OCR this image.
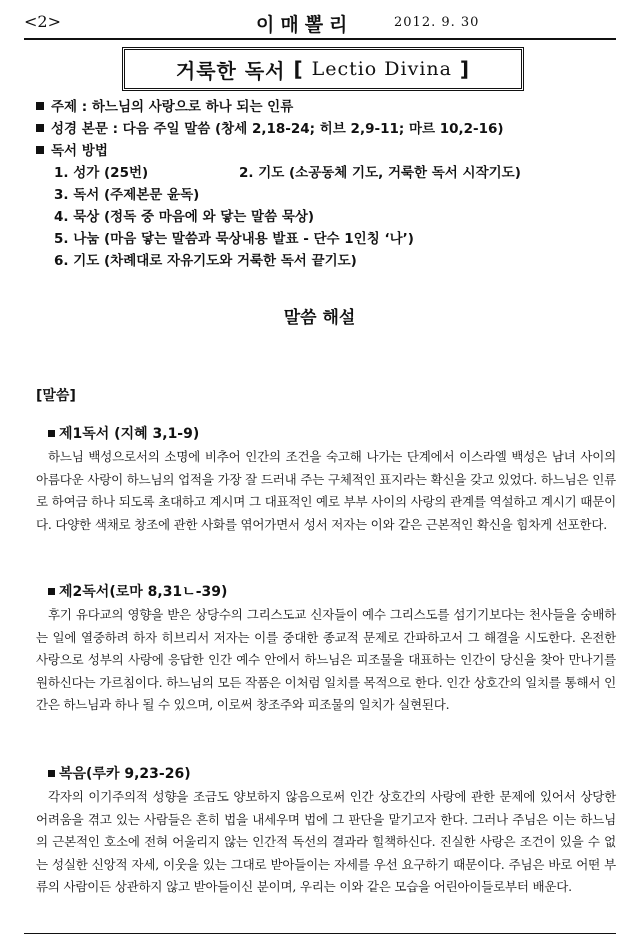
<2>	이매뽈리	2012. 9. 30
거룩한 독서 [ Lectio Divina ]
주제 : 하느님의 사랑으로 하나 되는 인류
성경 본문 : 다음 주일 말씀 (창세 2,18-24; 히브 2,9-11; 마르 10,2-16)
독서 방법
1. 성가 (25번)	2. 기도 (소공동체 기도, 거룩한 독서 시작기도)
3. 독서 (주제본문 윤독)
4. 묵상 (정독 중 마음에 와 닿는 말씀 묵상)
5. 나눔 (마음 닿는 말씀과 묵상내용 발표 - 단수 1인칭 ‘나’)
6. 기도 (차례대로 자유기도와 거룩한 독서 끝기도)
말씀 해설
[말씀]
제1독서 (지혜 3,1-9)

하느님 백성으로서의 소명에 비추어 인간의 조건을 숙고해 나가는 단계에서 이스라엘 백성은 남녀 사이의 아름다운 사랑이 하느님의 업적을 가장 잘 드러내 주는 구체적인 표지라는 확신을 갖고 있었다. 하느님은 인류로 하여금 하나 되도록 초대하고 계시며 그 대표적인 예로 부부 사이의 사랑의 관계를 역설하고 계시기 때문이다. 다양한 색채로 창조에 관한 사화를 엮어가면서 성서 저자는 이와 같은 근본적인 확신을 힘차게 선포한다.

제2독서(로마 8,31ㄴ-39)

후기 유다교의 영향을 받은 상당수의 그리스도교 신자들이 예수 그리스도를 섬기기보다는 천사들을 숭배하는 일에 열중하려 하자 히브리서 저자는 이를 중대한 종교적 문제로 간파하고서 그 해결을 시도한다. 온전한 사랑으로 성부의 사랑에 응답한 인간 예수 안에서 하느님은 피조물을 대표하는 인간이 당신을 찾아 만나기를 원하신다는 가르침이다. 하느님의 모든 작품은 이처럼 일치를 목적으로 한다. 인간 상호간의 일치를 통해서 인간은 하느님과 하나 될 수 있으며, 이로써 창조주와 피조물의 일치가 실현된다.

복음(루카 9,23-26)

각자의 이기주의적 성향을 조금도 양보하지 않음으로써 인간 상호간의 사랑에 관한 문제에 있어서 상당한 어려움을 겪고 있는 사람들은 흔히 법을 내세우며 법에 그 판단을 맡기고자 한다. 그러나 주님은 이는 하느님의 근본적인 호소에 전혀 어울리지 않는 인간적 독선의 결과라 힐책하신다. 진실한 사랑은 조건이 있을 수 없는 성실한 신앙적 자세, 이웃을 있는 그대로 받아들이는 자세를 우선 요구하기 때문이다. 주님은 바로 어떤 부류의 사람이든 상관하지 않고 받아들이신 분이며, 우리는 이와 같은 모습을 어린아이들로부터 배운다.
